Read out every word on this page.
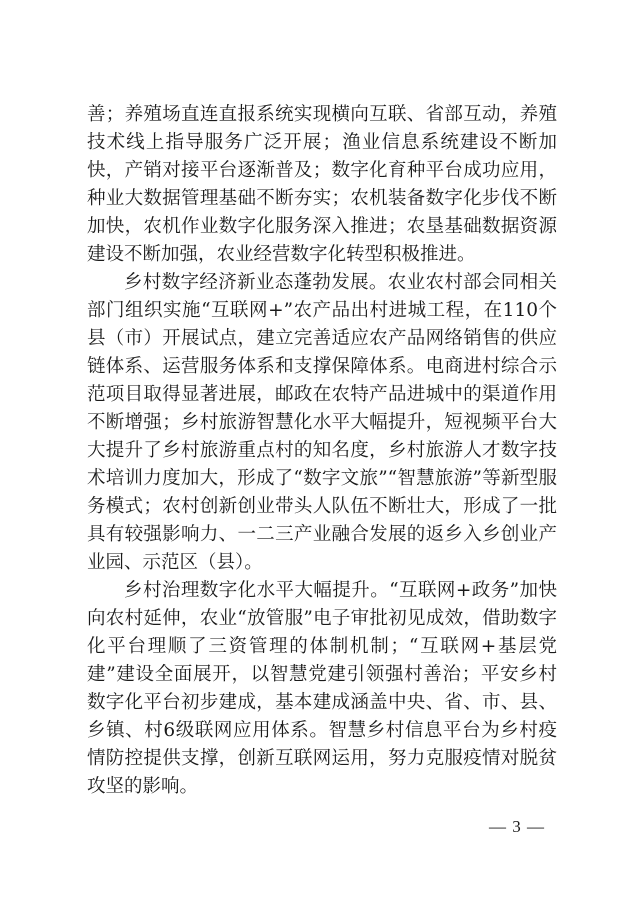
善；养殖场直连直报系统实现横向互联、省部互动，养殖技术线上指导服务广泛开展；渔业信息系统建设不断加快，产销对接平台逐渐普及；数字化育种平台成功应用，种业大数据管理基础不断夯实；农机装备数字化步伐不断加快，农机作业数字化服务深入推进；农垦基础数据资源建设不断加强，农业经营数字化转型积极推进。

乡村数字经济新业态蓬勃发展。农业农村部会同相关部门组织实施“互联网+”农产品出村进城工程，在110个县（市）开展试点，建立完善适应农产品网络销售的供应链体系、运营服务体系和支撑保障体系。电商进村综合示范项目取得显著进展，邮政在农特产品进城中的渠道作用不断增强；乡村旅游智慧化水平大幅提升，短视频平台大大提升了乡村旅游重点村的知名度，乡村旅游人才数字技术培训力度加大，形成了“数字文旅”“智慧旅游”等新型服务模式；农村创新创业带头人队伍不断壮大，形成了一批具有较强影响力、一二三产业融合发展的返乡入乡创业产业园、示范区（县）。

乡村治理数字化水平大幅提升。“互联网+政务”加快向农村延伸，农业“放管服”电子审批初见成效，借助数字化平台理顺了三资管理的体制机制；“互联网+基层党建”建设全面展开，以智慧党建引领强村善治；平安乡村数字化平台初步建成，基本建成涵盖中央、省、市、县、乡镇、村6级联网应用体系。智慧乡村信息平台为乡村疫情防控提供支撑，创新互联网运用，努力克服疫情对脱贫攻坚的影响。

— 3 —
